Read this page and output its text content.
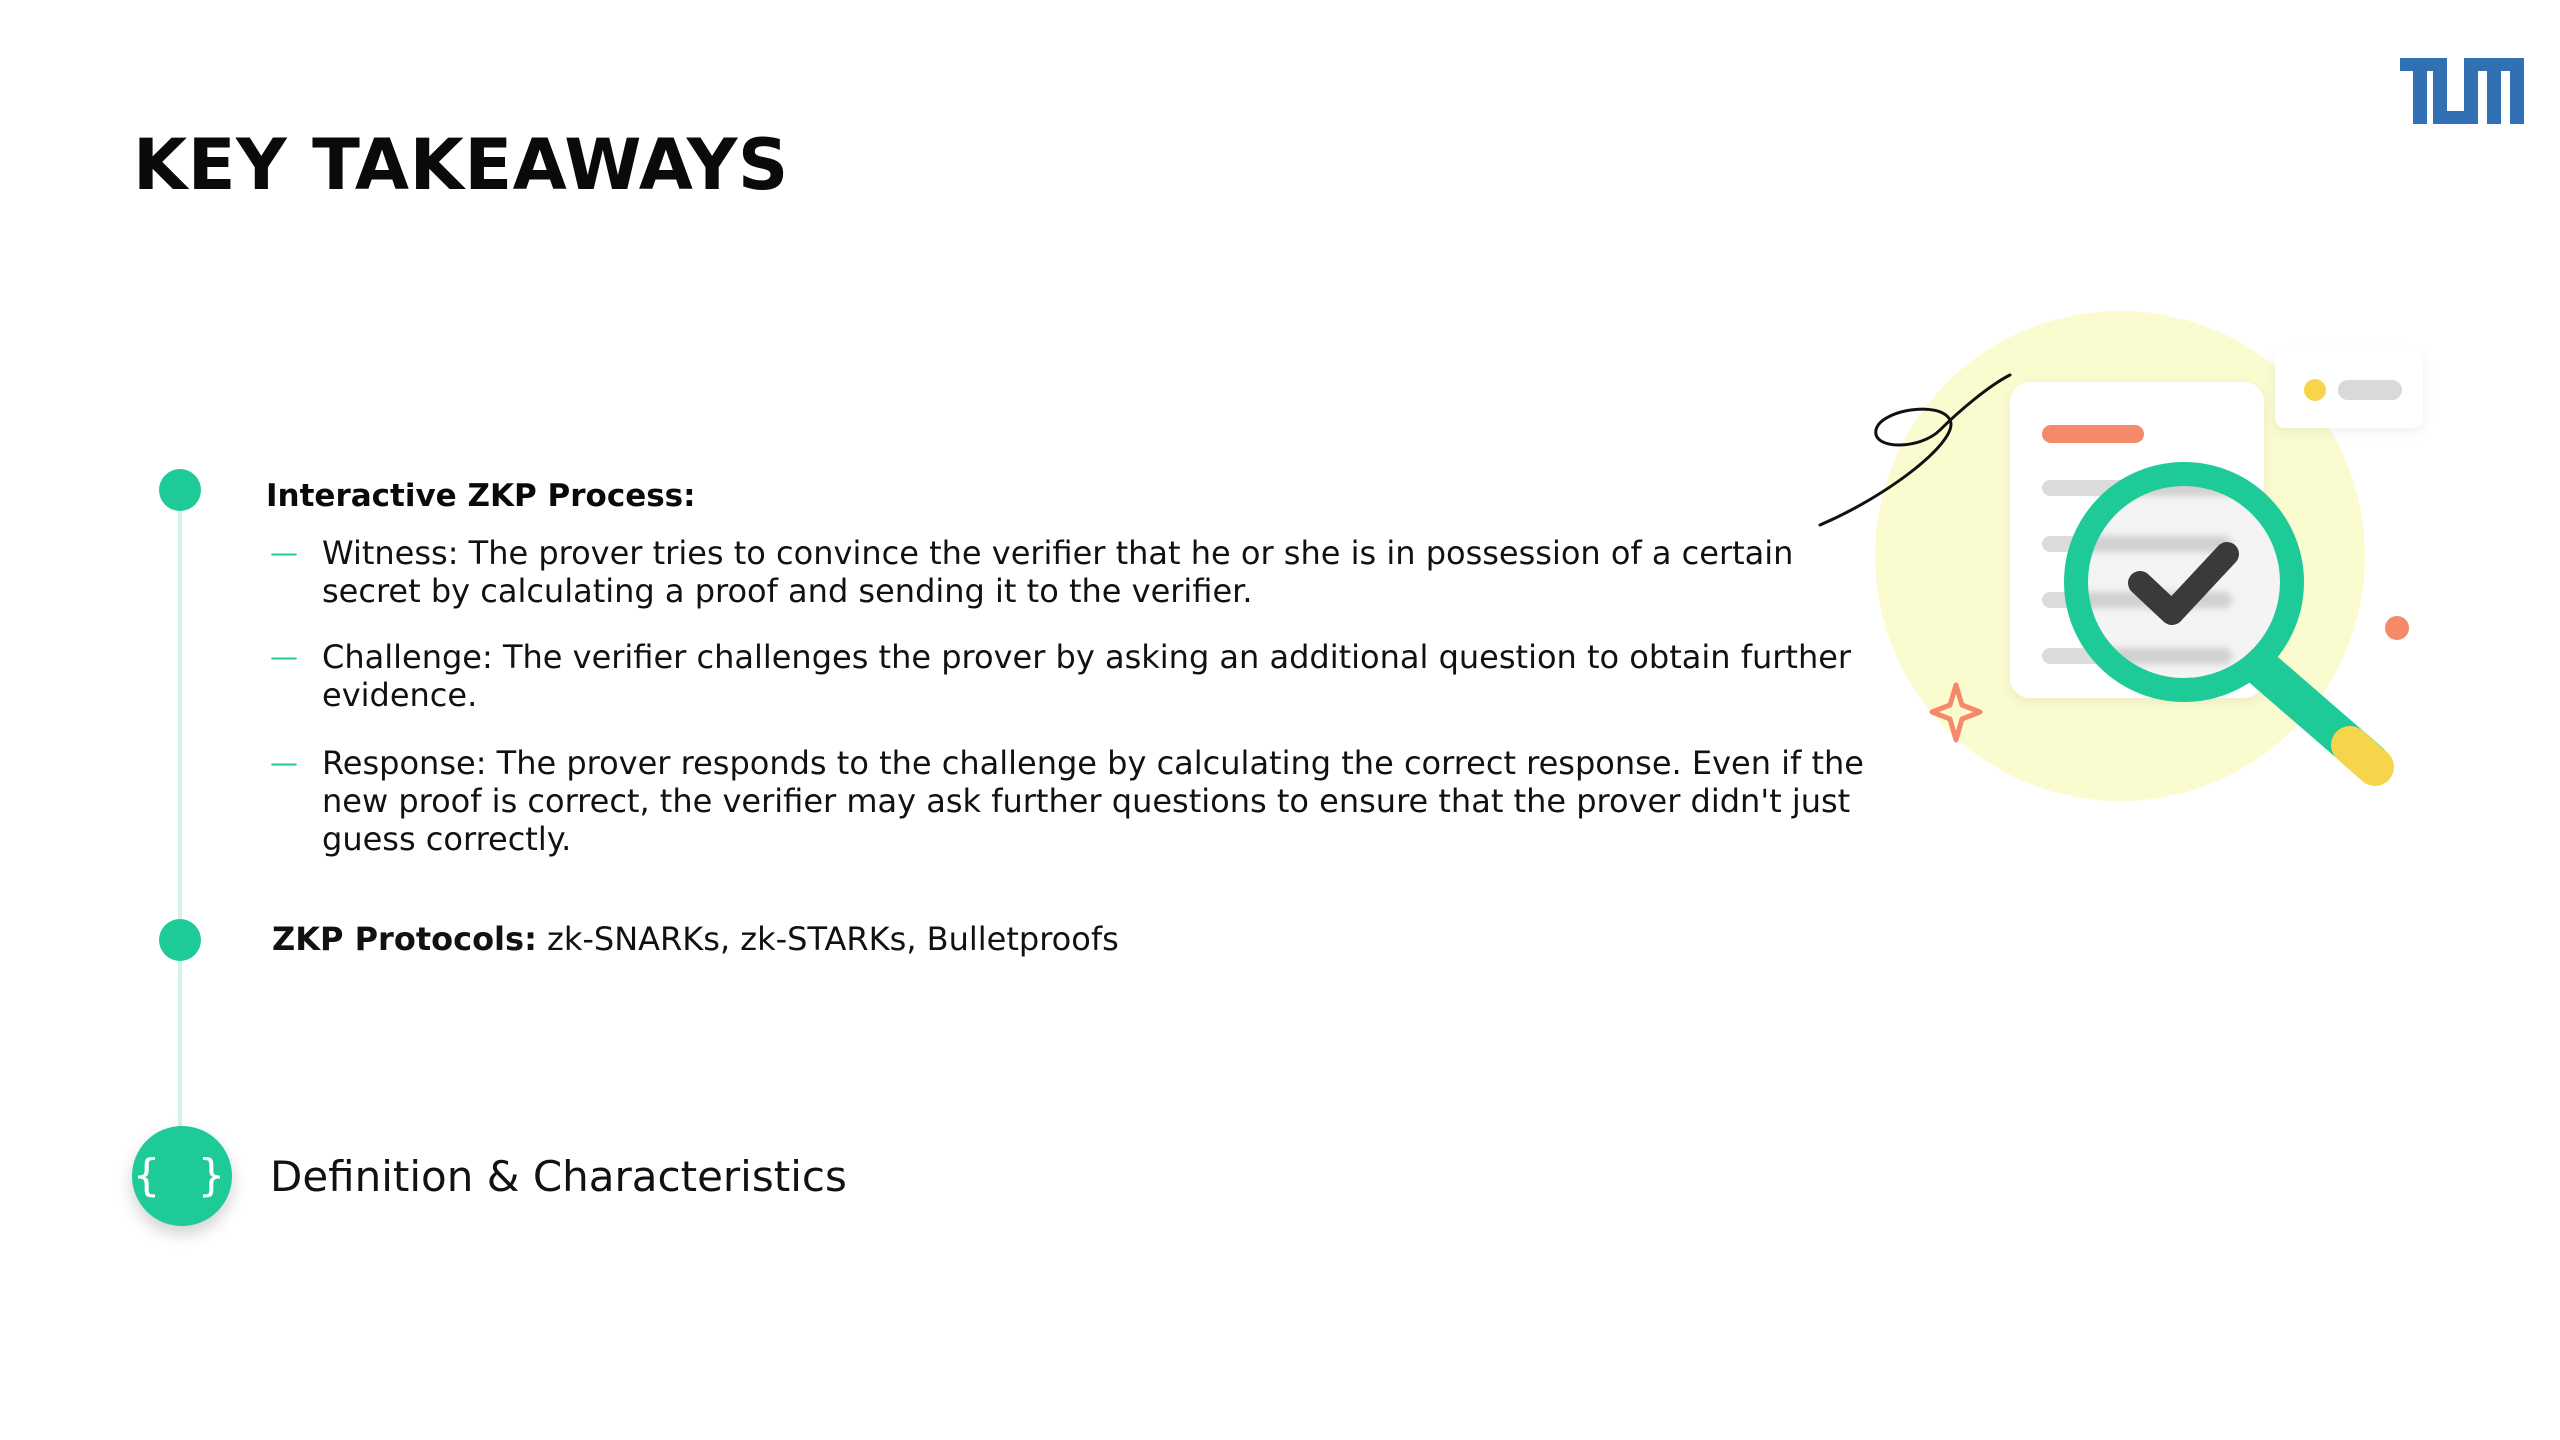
KEY TAKEAWAYS
{ }
Interactive ZKP Process:
— Witness: The prover tries to convince the verifier that he or she is in possession of a certain secret by calculating a proof and sending it to the verifier.
— Challenge: The verifier challenges the prover by asking an additional question to obtain further evidence.
— Response: The prover responds to the challenge by calculating the correct response. Even if the new proof is correct, the verifier may ask further questions to ensure that the prover didn't just guess correctly.
ZKP Protocols: zk-SNARKs, zk-STARKs, Bulletproofs
Definition & Characteristics
